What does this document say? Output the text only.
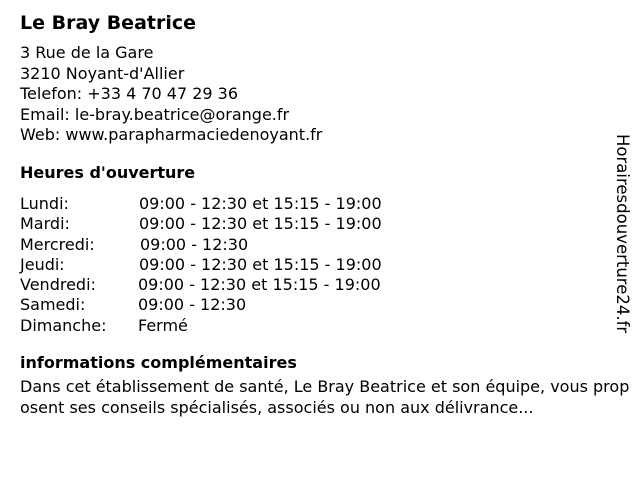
Le Bray Beatrice
3 Rue de la Gare
3210 Noyant-d'Allier
Telefon: +33 4 70 47 29 36
Email: le-bray.beatrice@orange.fr
Web: www.parapharmaciedenoyant.fr
Heures d'ouverture
Lundi:	09:00 - 12:30 et 15:15 - 19:00
Mardi:	09:00 - 12:30 et 15:15 - 19:00
Mercredi:	09:00 - 12:30
Jeudi:	09:00 - 12:30 et 15:15 - 19:00
Vendredi:	09:00 - 12:30 et 15:15 - 19:00
Samedi:	09:00 - 12:30
Dimanche: Fermé
informations complémentaires
Dans cet établissement de santé, Le Bray Beatrice et son équipe, vous proposent ses conseils spécialisés, associés ou non aux délivrance...
Horairesdouverture24.fr
